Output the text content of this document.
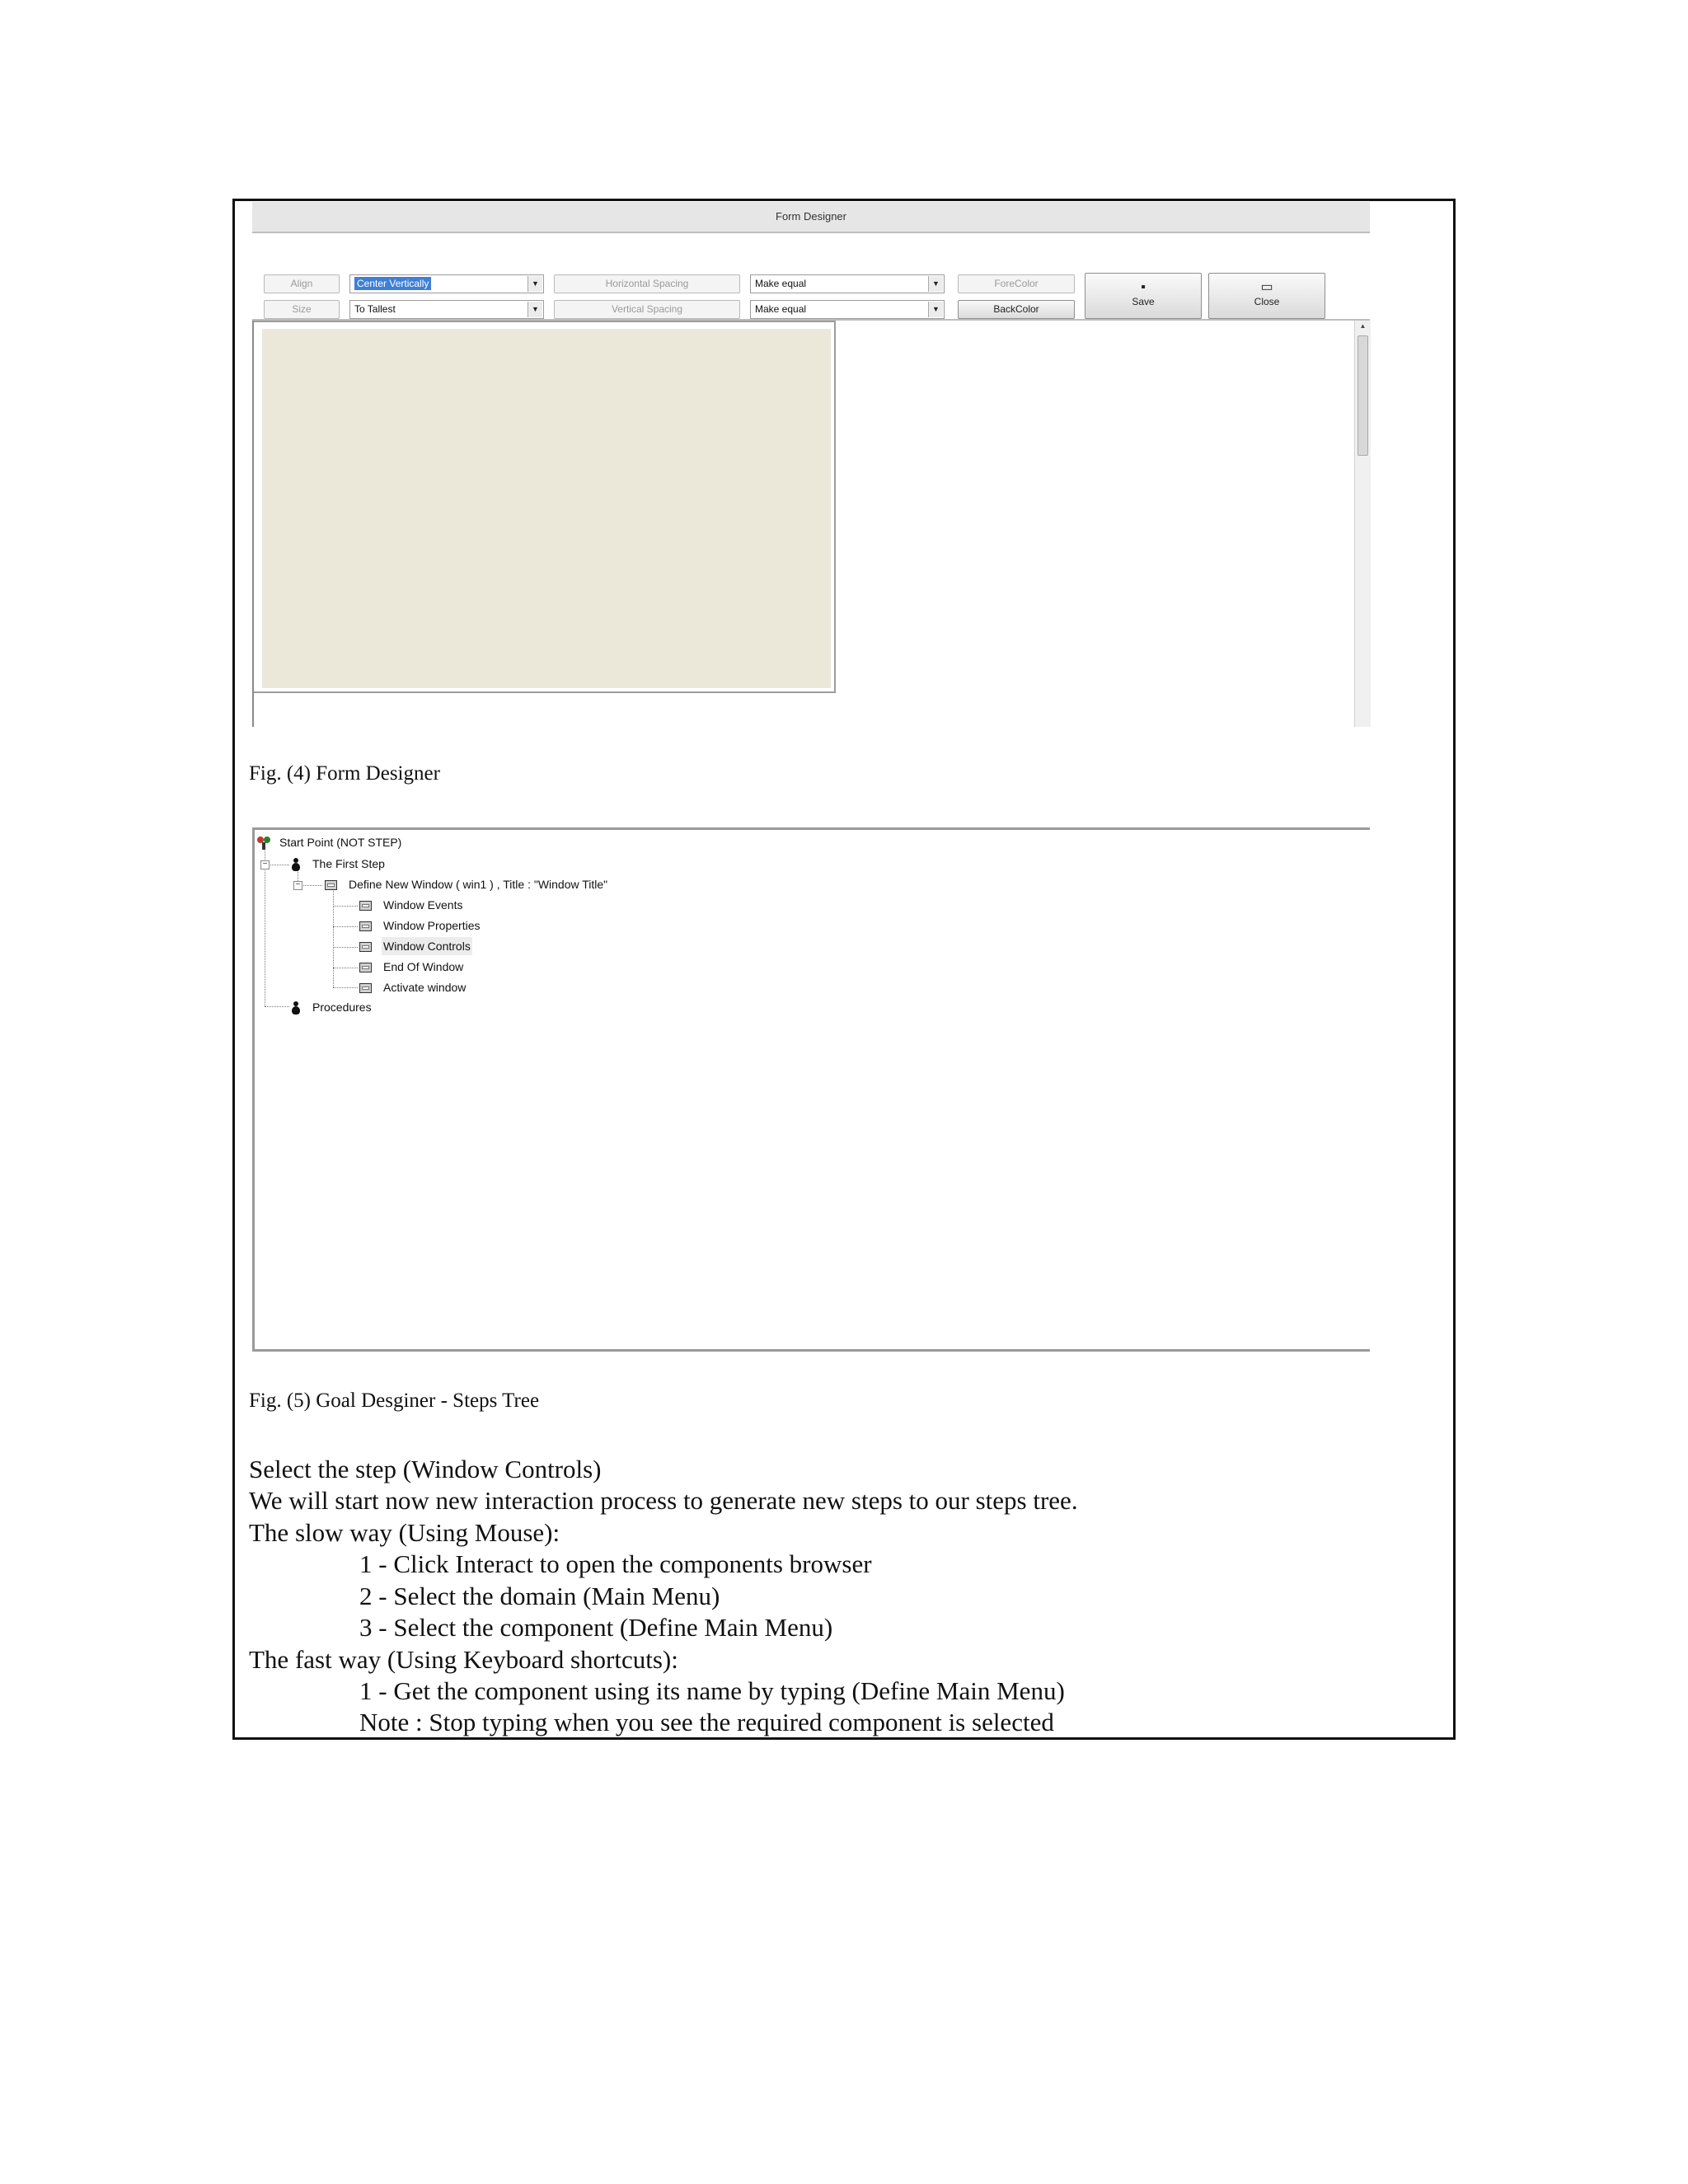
Form Designer
Align	Center Vertically	▼	Horizontal Spacing	Make equal	▼	ForeColor
Size	To Tallest	▼	Vertical Spacing	Make equal	▼	BackColor
▪
Save
▭
Close
▲
Fig. (4) Form Designer
−
−
Start Point (NOT STEP)
The First Step
Define New Window ( win1 ) , Title : "Window Title"
Window Events
Window Properties
Window Controls
End Of Window
Activate window
Procedures
Fig. (5) Goal Desginer - Steps Tree
Select the step (Window Controls)
We will start now new interaction process to generate new steps to our steps tree.
The slow way (Using Mouse):
1 - Click Interact to open the components browser
2 - Select the domain (Main Menu)
3 - Select the component (Define Main Menu)
The fast way (Using Keyboard shortcuts):
1 - Get the component using its name by typing (Define Main Menu)
Note : Stop typing when you see the required component is selected
